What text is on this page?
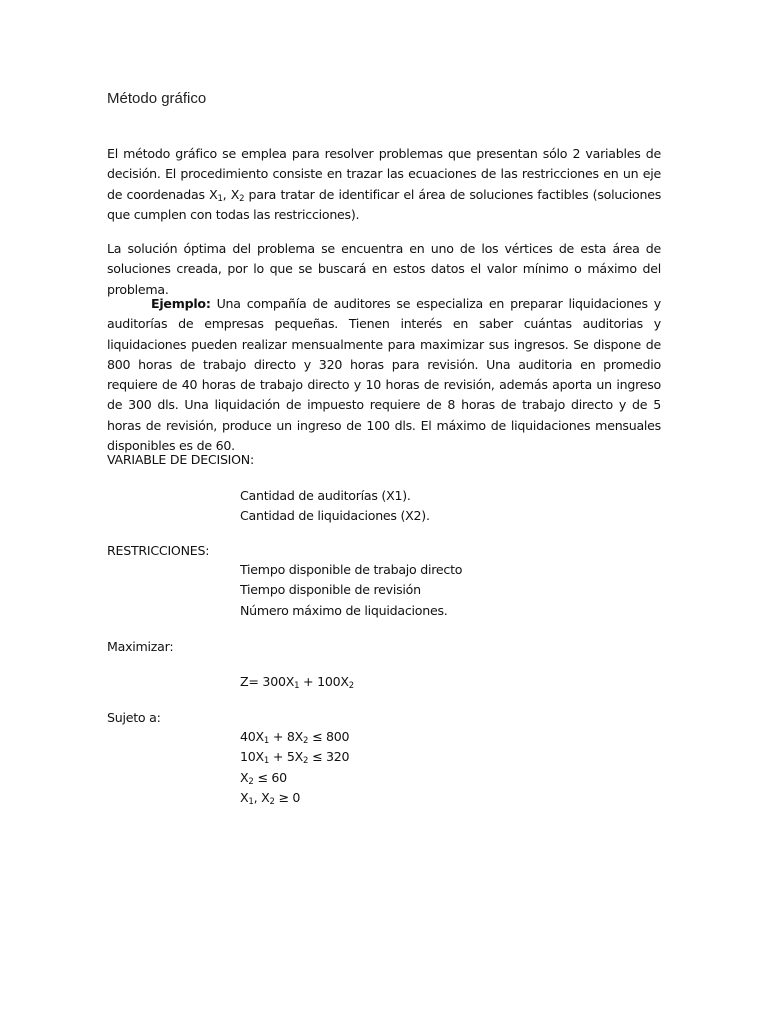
Método gráfico
El método gráfico se emplea para resolver problemas que presentan sólo 2 variables de decisión. El procedimiento consiste en trazar las ecuaciones de las restricciones en un eje de coordenadas $X_1$, $X_2$ para tratar de identificar el área de soluciones factibles (soluciones que cumplen con todas las restricciones).
La solución óptima del problema se encuentra en uno de los vértices de esta área de soluciones creada, por lo que se buscará en estos datos el valor mínimo o máximo del problema.
Ejemplo: Una compañía de auditores se especializa en preparar liquidaciones y auditorías de empresas pequeñas. Tienen interés en saber cuántas auditorias y liquidaciones pueden realizar mensualmente para maximizar sus ingresos. Se dispone de 800 horas de trabajo directo y 320 horas para revisión. Una auditoria en promedio requiere de 40 horas de trabajo directo y 10 horas de revisión, además aporta un ingreso de 300 dls. Una liquidación de impuesto requiere de 8 horas de trabajo directo y de 5 horas de revisión, produce un ingreso de 100 dls. El máximo de liquidaciones mensuales disponibles es de 60.
VARIABLE DE DECISION:
Cantidad de auditorías (X1).
Cantidad de liquidaciones (X2).
RESTRICCIONES:
Tiempo disponible de trabajo directo
Tiempo disponible de revisión
Número máximo de liquidaciones.
Maximizar:
$Z= 300X_1 + 100X_2$
Sujeto a:
$40X_1 + 8X_2 \le 800$
$10X_1 + 5X_2 \le 320$
$X_2 \le 60$
$X_1$, $X_2 \ge 0$
